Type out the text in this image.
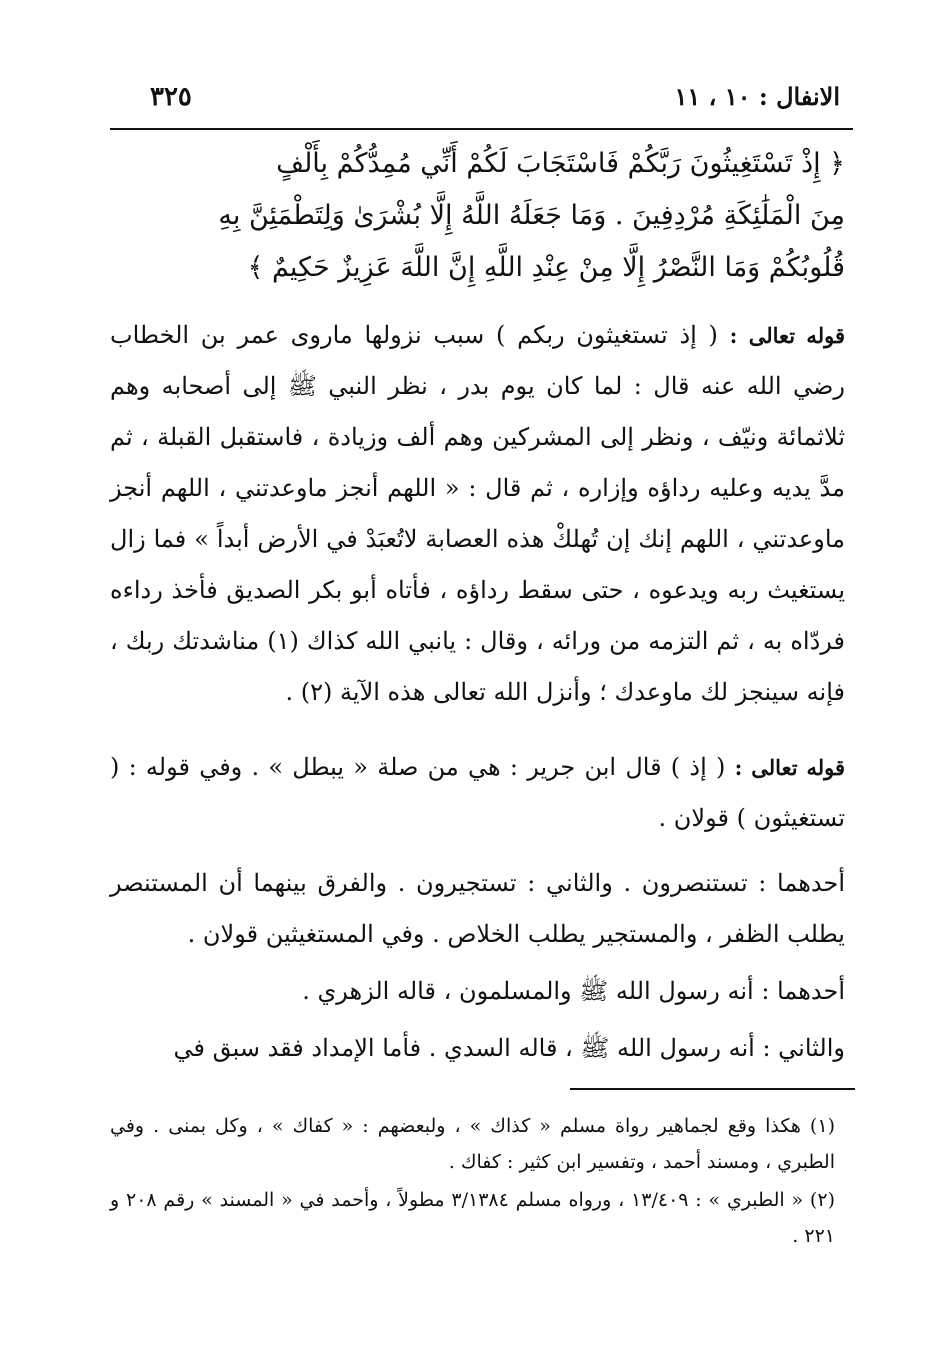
الانفال : ١٠ ، ١١
٣٢٥

﴿ إِذْ تَسْتَغِيثُونَ رَبَّكُمْ فَاسْتَجَابَ لَكُمْ أَنِّي مُمِدُّكُمْ بِأَلْفٍ

مِنَ الْمَلَٰئِكَةِ مُرْدِفِينَ . وَمَا جَعَلَهُ اللَّهُ إِلَّا بُشْرَىٰ وَلِتَطْمَئِنَّ بِهِ

قُلُوبُكُمْ وَمَا النَّصْرُ إِلَّا مِنْ عِنْدِ اللَّهِ إِنَّ اللَّهَ عَزِيزٌ حَكِيمٌ ﴾

قوله تعالى : ( إذ تستغيثون ربكم ) سبب نزولها ماروى عمر بن الخطاب رضي الله عنه قال : لما كان يوم بدر ، نظر النبي ﷺ إلى أصحابه وهم ثلاثمائة ونيّف ، ونظر إلى المشركين وهم ألف وزيادة ، فاستقبل القبلة ، ثم مدَّ يديه وعليه رداؤه وإزاره ، ثم قال : « اللهم أنجز ماوعدتني ، اللهم أنجز ماوعدتني ، اللهم إنك إن تُهلكْ هذه العصابة لاتُعبَدْ في الأرض أبداً » فما زال يستغيث ربه ويدعوه ، حتى سقط رداؤه ، فأتاه أبو بكر الصديق فأخذ رداءه فردّاه به ، ثم التزمه من ورائه ، وقال : يانبي الله كذاك (١) مناشدتك ربك ، فإنه سينجز لك ماوعدك ؛ وأنزل الله تعالى هذه الآية (٢) .

قوله تعالى : ( إذ ) قال ابن جرير : هي من صلة « يبطل » . وفي قوله : ( تستغيثون ) قولان .

أحدهما : تستنصرون . والثاني : تستجيرون . والفرق بينهما أن المستنصر يطلب الظفر ، والمستجير يطلب الخلاص . وفي المستغيثين قولان .

أحدهما : أنه رسول الله ﷺ والمسلمون ، قاله الزهري .

والثاني : أنه رسول الله ﷺ ، قاله السدي . فأما الإمداد فقد سبق في

(١) هكذا وقع لجماهير رواة مسلم « كذاك » ، ولبعضهم : « كفاك » ، وكل بمنى . وفي الطبري ، ومسند أحمد ، وتفسير ابن كثير : كفاك .

(٢) « الطبري » : ١٣/٤٠٩ ، ورواه مسلم ٣/١٣٨٤ مطولاً ، وأحمد في « المسند » رقم ٢٠٨ و ٢٢١ .
